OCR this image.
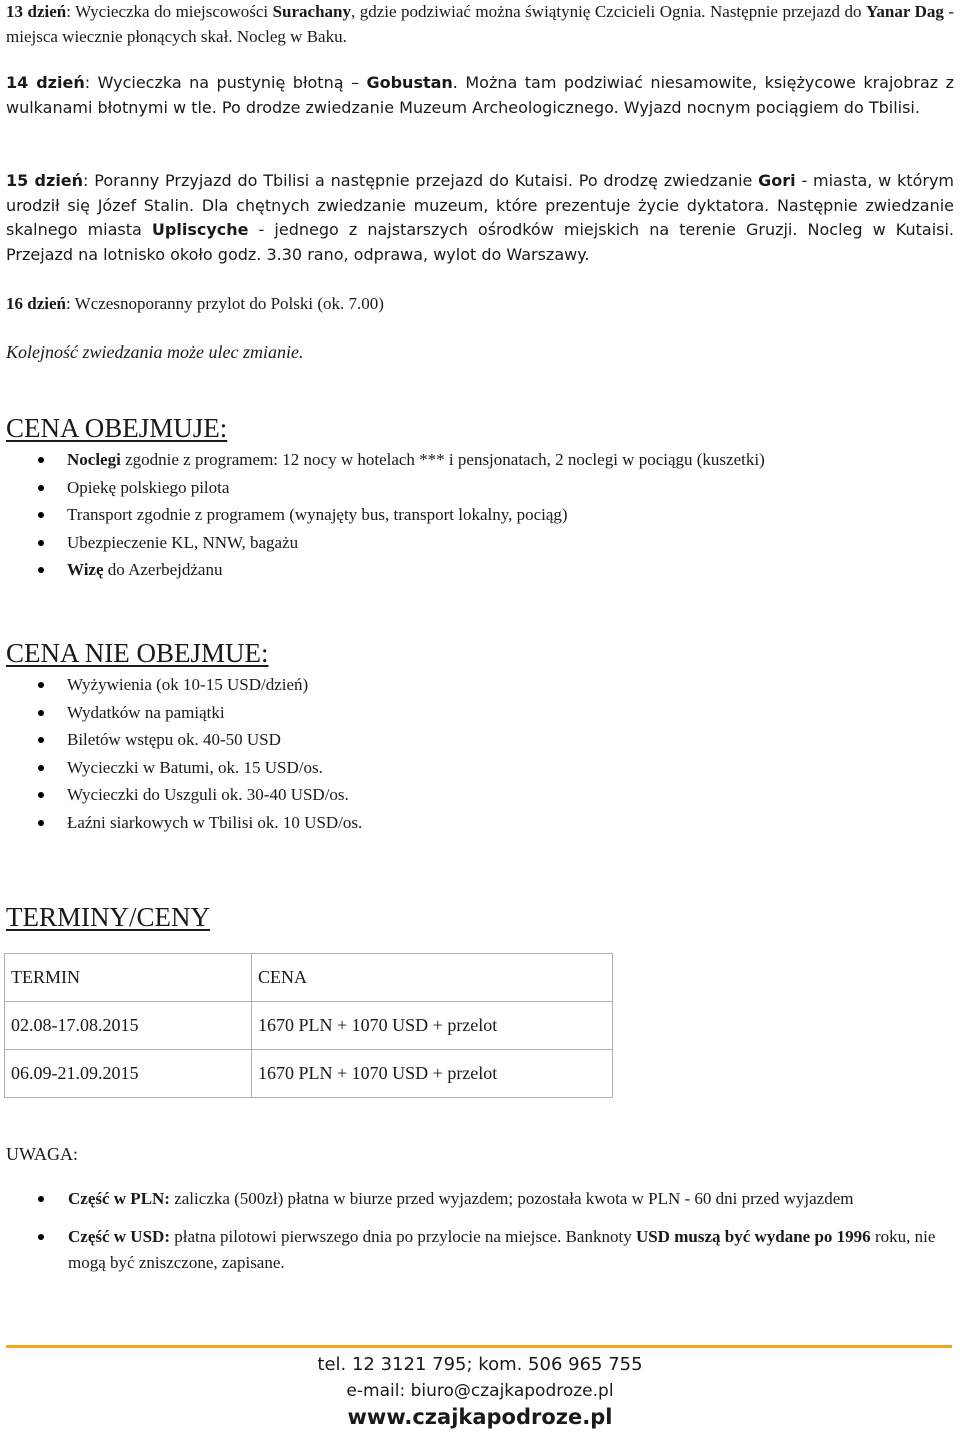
13 dzień: Wycieczka do miejscowości Surachany, gdzie podziwiać można świątynię Czcicieli Ognia. Następnie przejazd do Yanar Dag - miejsca wiecznie płonących skał. Nocleg w Baku.
14 dzień: Wycieczka na pustynię błotną – Gobustan. Można tam podziwiać niesamowite, księżycowe krajobraz z wulkanami błotnymi w tle. Po drodze zwiedzanie Muzeum Archeologicznego. Wyjazd nocnym pociągiem do Tbilisi.
15 dzień: Poranny Przyjazd do Tbilisi a następnie przejazd do Kutaisi. Po drodzę zwiedzanie Gori - miasta, w którym urodził się Józef Stalin. Dla chętnych zwiedzanie muzeum, które prezentuje życie dyktatora. Następnie zwiedzanie skalnego miasta Upliscyche - jednego z najstarszych ośrodków miejskich na terenie Gruzji. Nocleg w Kutaisi. Przejazd na lotnisko około godz. 3.30 rano, odprawa, wylot do Warszawy.
16 dzień: Wczesnoporanny przylot do Polski (ok. 7.00)
Kolejność zwiedzania może ulec zmianie.
CENA OBEJMUJE:
Noclegi zgodnie z programem: 12 nocy w hotelach *** i pensjonatach, 2 noclegi w pociągu (kuszetki)
Opiekę polskiego pilota
Transport zgodnie z programem (wynajęty bus, transport lokalny, pociąg)
Ubezpieczenie KL, NNW, bagażu
Wizę do Azerbejdżanu
CENA NIE OBEJMUE:
Wyżywienia (ok 10-15 USD/dzień)
Wydatków na pamiątki
Biletów wstępu ok. 40-50 USD
Wycieczki w Batumi, ok. 15 USD/os.
Wycieczki do Uszguli ok. 30-40 USD/os.
Łaźni siarkowych w Tbilisi ok. 10 USD/os.
TERMINY/CENY
TERMIN	CENA
02.08-17.08.2015	1670 PLN + 1070 USD + przelot
06.09-21.09.2015	1670 PLN + 1070 USD + przelot
UWAGA:
Część w PLN: zaliczka (500zł) płatna w biurze przed wyjazdem; pozostała kwota w PLN - 60 dni przed wyjazdem
Część w USD: płatna pilotowi pierwszego dnia po przylocie na miejsce. Banknoty USD muszą być wydane po 1996 roku, nie mogą być zniszczone, zapisane.
tel. 12 3121 795; kom. 506 965 755
e-mail: biuro@czajkapodroze.pl
www.czajkapodroze.pl
